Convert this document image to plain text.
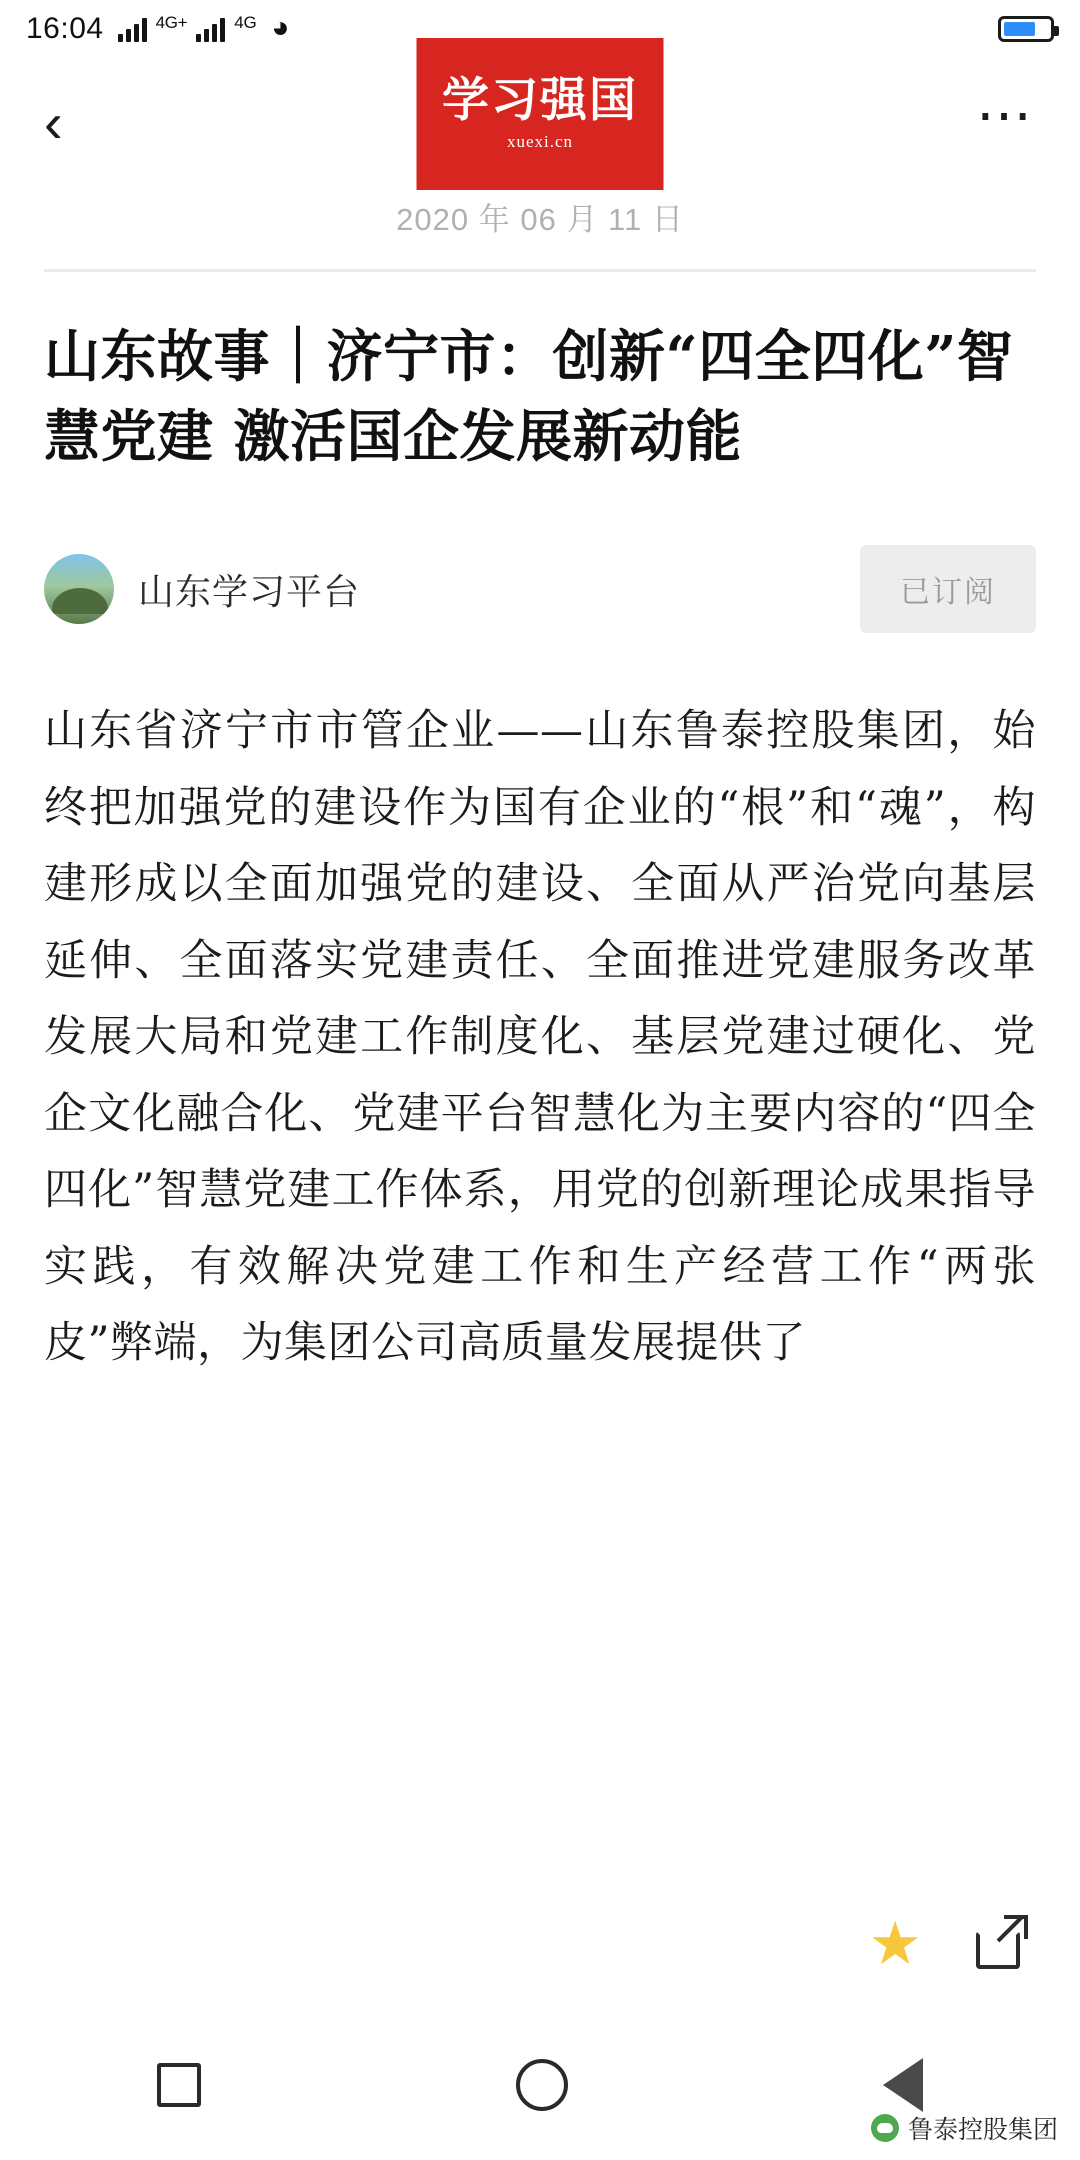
16:04	4G+	4G ◕
‹	学习强国
xuexi.cn	⋯
2020 年 06 月 11 日
山东故事｜济宁市：创新“四全四化”智慧党建 激活国企发展新动能
山东学习平台	已订阅
山东省济宁市市管企业——山东鲁泰控股集团，始终把加强党的建设作为国有企业的“根”和“魂”，构建形成以全面加强党的建设、全面从严治党向基层延伸、全面落实党建责任、全面推进党建服务改革发展大局和党建工作制度化、基层党建过硬化、党企文化融合化、党建平台智慧化为主要内容的“四全四化”智慧党建工作体系，用党的创新理论成果指导实践，有效解决党建工作和生产经营工作“两张皮”弊端，为集团公司高质量发展提供了
★
鲁泰控股集团
